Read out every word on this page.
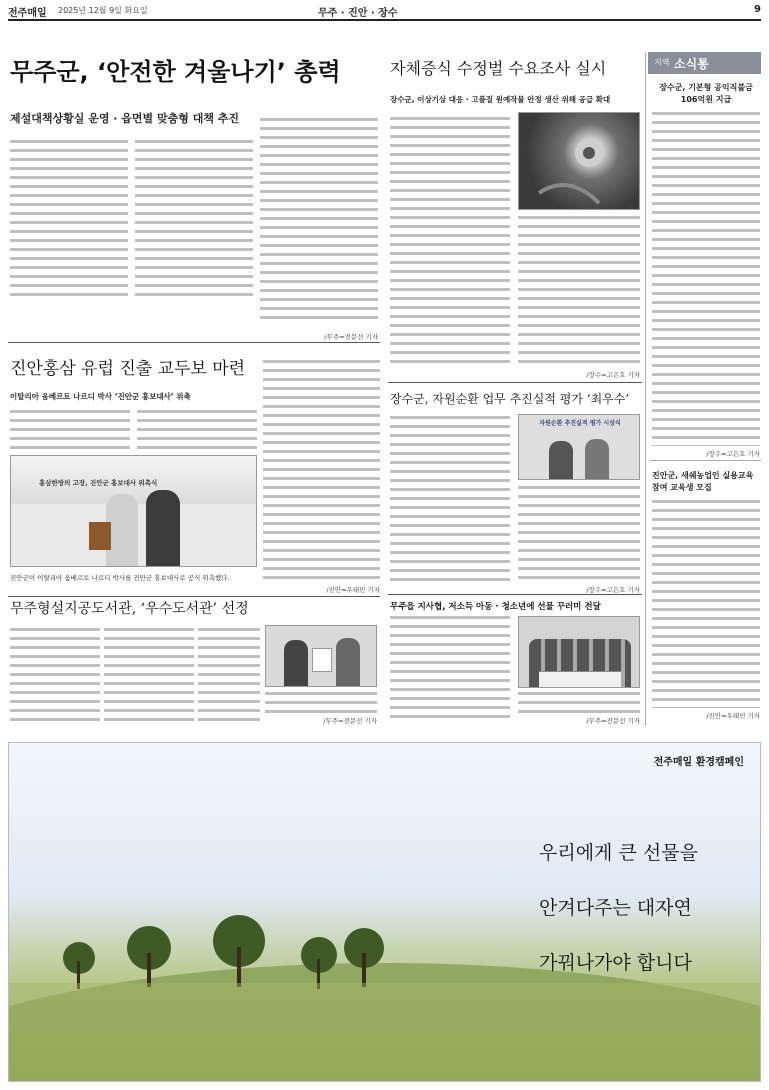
전주매일 2025년 12월 9일 화요일	무주 · 진안 · 장수	9
무주군, ‘안전한 겨울나기’ 총력
제설대책상황실 운영 · 읍면별 맞춤형 대책 추진
/무주=전문선 기자
자체증식 수정벌 수요조사 실시
장수군, 이상기상 대응 · 고품질 원예작물 안정 생산 위해 공급 확대
/장수=고은호 기자
진안홍삼 유럽 진출 교두보 마련
이탈리아 움베르토 나르디 박사 ‘진안군 홍보대사’ 위촉
홍삼한방의 고장, 진안군 홍보대사 위촉식
진안군이 이탈리아 움베르토 나르디 박사를 진안군 홍보대사로 공식 위촉했다.
/진안=우태민 기자
장수군, 자원순환 업무 추진실적 평가 ‘최우수’
자원순환 추진실적 평가 시상식
/장수=고은호 기자
지역 소식통
장수군, 기본형 공익직불금 106억원 지급
/장수=고은호 기자
진안군, 새쉐농업인 실용교육 참여 교육생 모집
/진안=우태민 기자
무주형설지공도서관, ‘우수도서관’ 선정
/무주=전문선 기자
무주읍 지사협, 저소득 아동 · 청소년에 선물 꾸러미 전달
/무주=전문선 기자
전주매일 환경캠페인
우리에게 큰 선물을
안겨다주는 대자연
가꿔나가야 합니다
